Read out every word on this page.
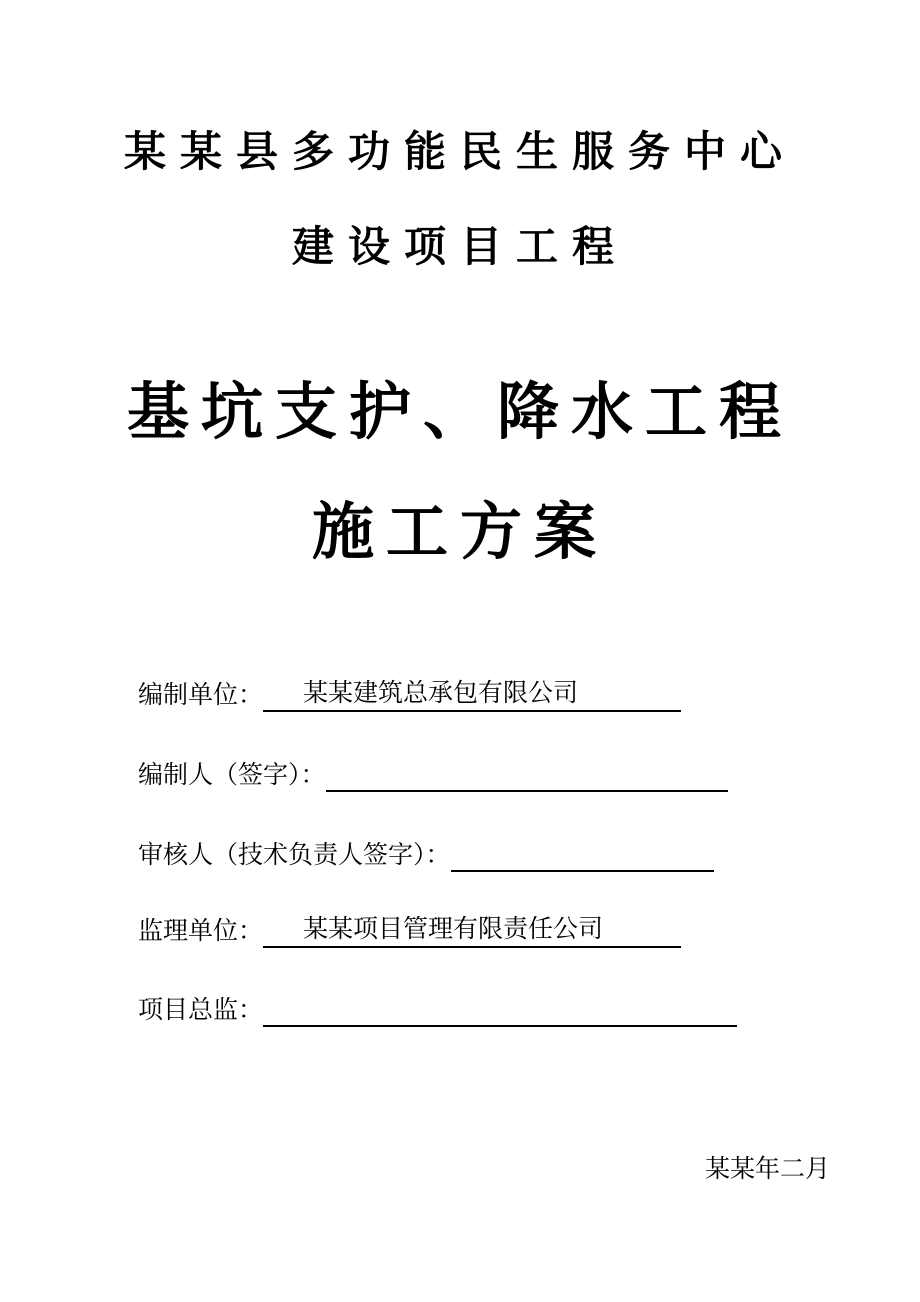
某某县多功能民生服务中心
建设项目工程
基坑支护、降水工程
施工方案
编制单位： 某某建筑总承包有限公司
编制人（签字）：
审核人（技术负责人签字）：
监理单位： 某某项目管理有限责任公司
项目总监：
某某年二月
